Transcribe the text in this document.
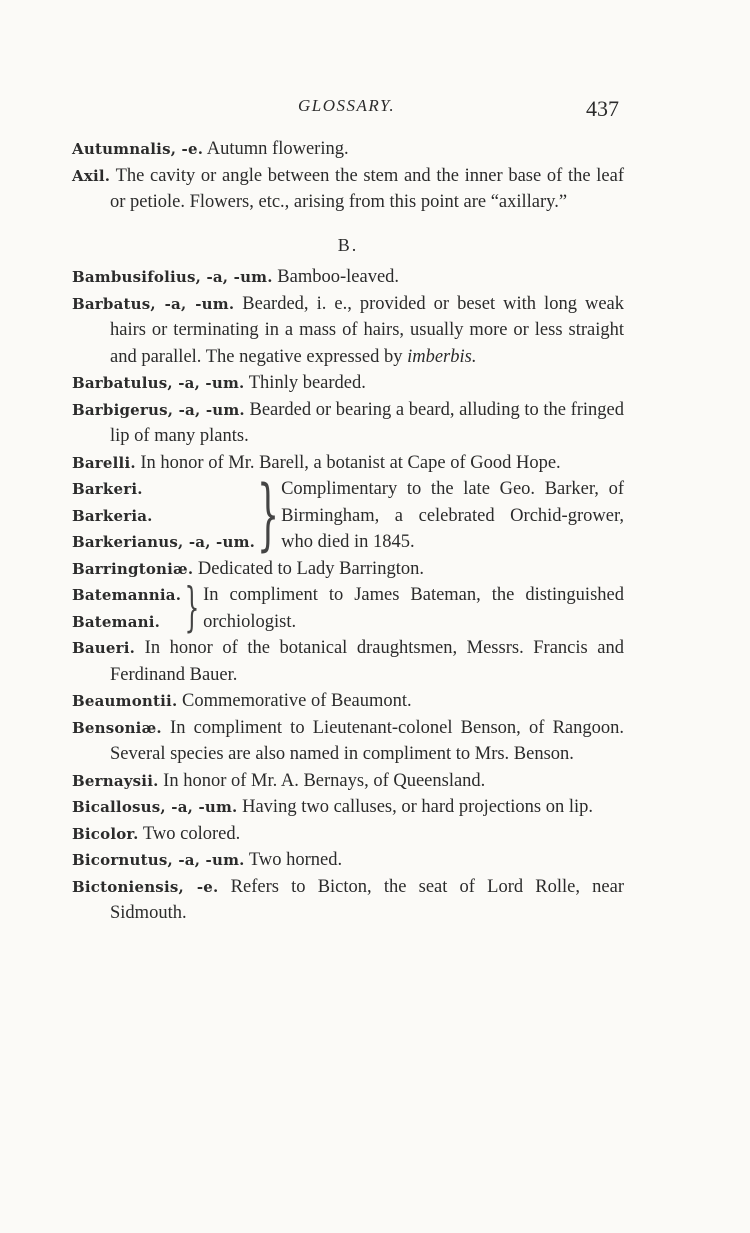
GLOSSARY.	437

Autumnalis, -e. Autumn flowering.

Axil. The cavity or angle between the stem and the inner base of the leaf or petiole. Flowers, etc., arising from this point are “axillary.”

B.

Bambusifolius, -a, -um. Bamboo-leaved.

Barbatus, -a, -um. Bearded, i. e., provided or beset with long weak hairs or terminating in a mass of hairs, usually more or less straight and parallel. The negative expressed by imberbis.

Barbatulus, -a, -um. Thinly bearded.

Barbigerus, -a, -um. Bearded or bearing a beard, alluding to the fringed lip of many plants.

Barelli. In honor of Mr. Barell, a botanist at Cape of Good Hope.

Barkeri.
Barkeria.
Barkerianus, -a, -um. } Complimentary to the late Geo. Barker, of Birmingham, a celebrated Orchid-grower, who died in 1845.

Barringtoniæ. Dedicated to Lady Barrington.

Batemannia.
Batemani. } In compliment to James Bateman, the distinguished orchiologist.

Baueri. In honor of the botanical draughtsmen, Messrs. Francis and Ferdinand Bauer.

Beaumontii. Commemorative of Beaumont.

Bensoniæ. In compliment to Lieutenant-colonel Benson, of Rangoon. Several species are also named in compliment to Mrs. Benson.

Bernaysii. In honor of Mr. A. Bernays, of Queensland.

Bicallosus, -a, -um. Having two calluses, or hard projections on lip.

Bicolor. Two colored.

Bicornutus, -a, -um. Two horned.

Bictoniensis, -e. Refers to Bicton, the seat of Lord Rolle, near Sidmouth.
